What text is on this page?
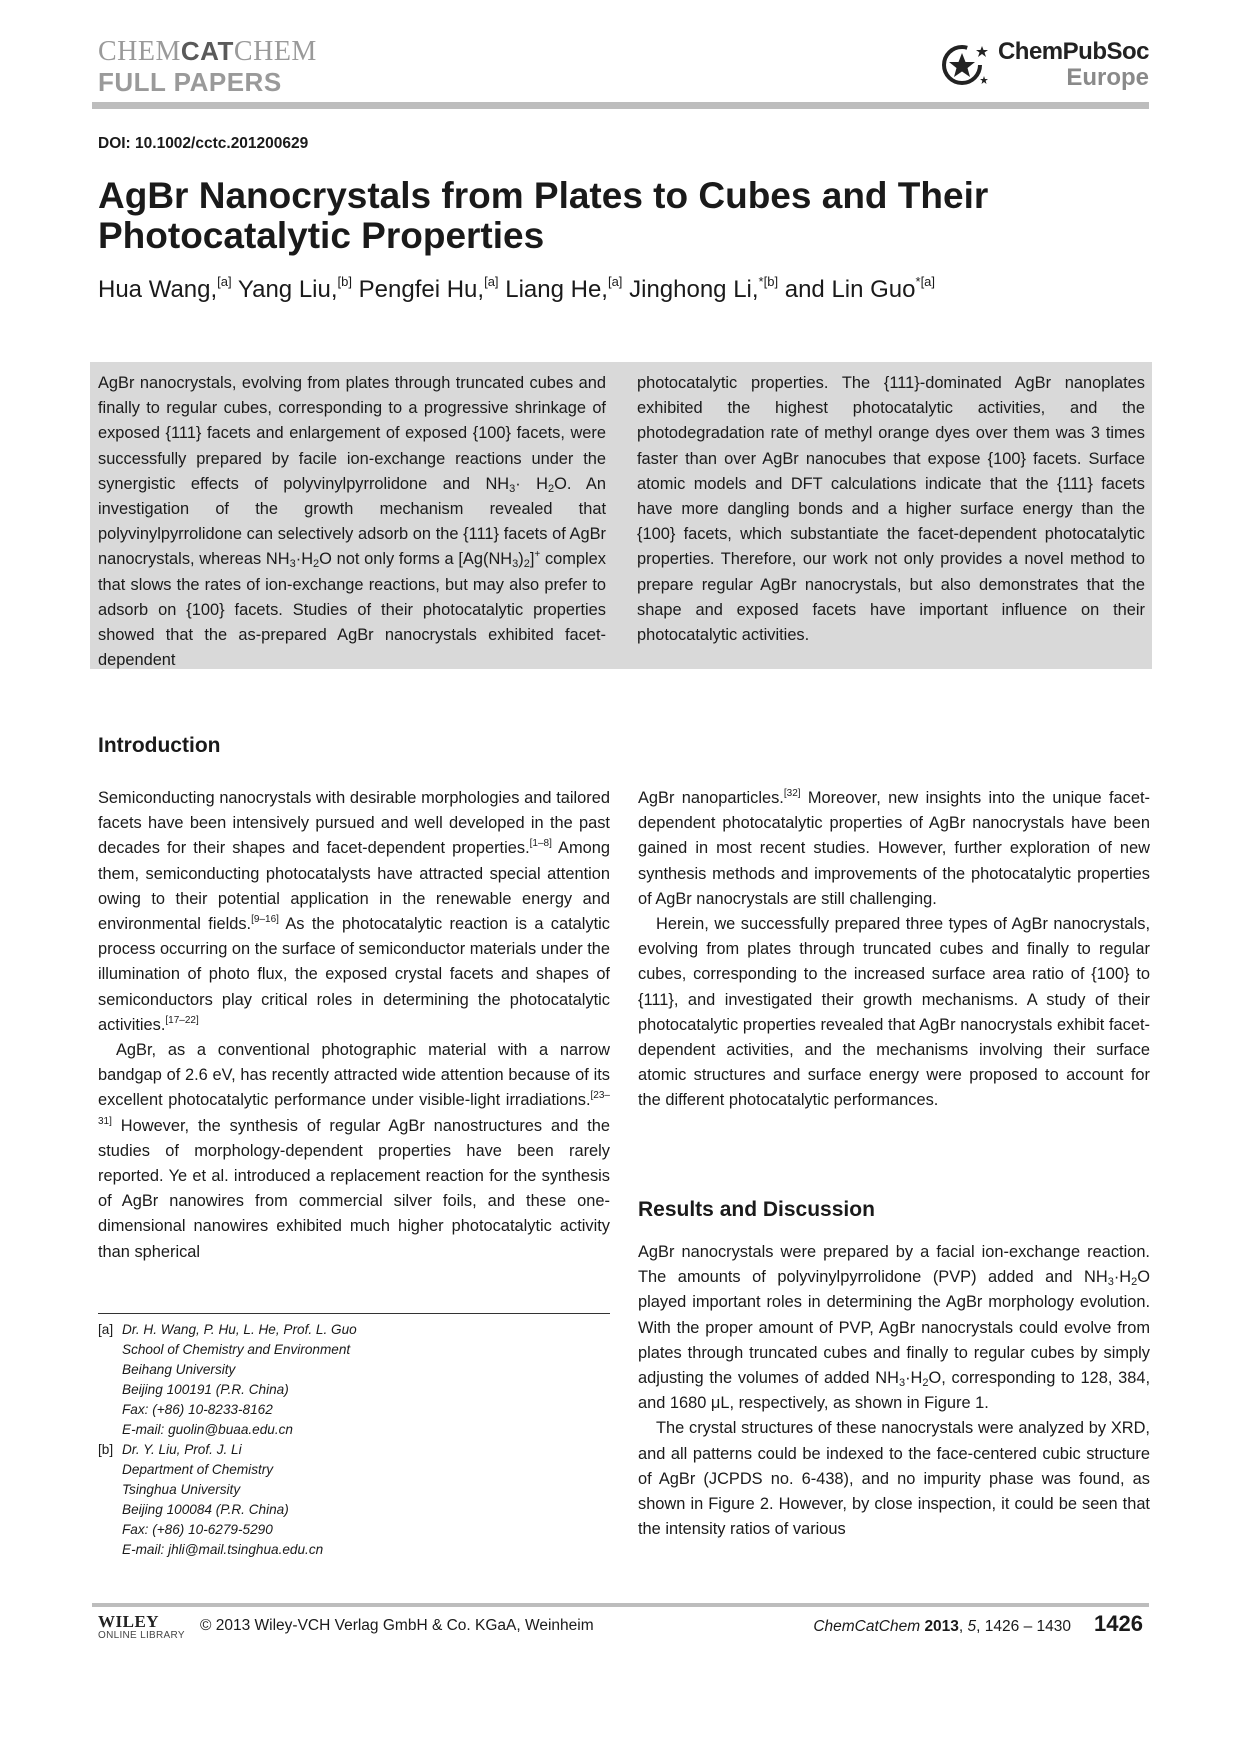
CHEMCATCHEM
FULL PAPERS
ChemPubSoc
Europe
DOI: 10.1002/cctc.201200629
AgBr Nanocrystals from Plates to Cubes and Their Photocatalytic Properties
Hua Wang,[a] Yang Liu,[b] Pengfei Hu,[a] Liang He,[a] Jinghong Li,$^{*[b]}$ and Lin Guo$^{*[a]}$
AgBr nanocrystals, evolving from plates through truncated cubes and finally to regular cubes, corresponding to a progressive shrinkage of exposed {111} facets and enlargement of exposed {100} facets, were successfully prepared by facile ion-exchange reactions under the synergistic effects of polyvinylpyrrolidone and $NH_3\cdot H_2O$. An investigation of the growth mechanism revealed that polyvinylpyrrolidone can selectively adsorb on the {111} facets of AgBr nanocrystals, whereas $NH_3\cdot H_2O$ not only forms a $[Ag(NH_3)_2]^+$ complex that slows the rates of ion-exchange reactions, but may also prefer to adsorb on {100} facets. Studies of their photocatalytic properties showed that the as-prepared AgBr nanocrystals exhibited facet-dependent
photocatalytic properties. The {111}-dominated AgBr nanoplates exhibited the highest photocatalytic activities, and the photodegradation rate of methyl orange dyes over them was 3 times faster than over AgBr nanocubes that expose {100} facets. Surface atomic models and DFT calculations indicate that the {111} facets have more dangling bonds and a higher surface energy than the {100} facets, which substantiate the facet-dependent photocatalytic properties. Therefore, our work not only provides a novel method to prepare regular AgBr nanocrystals, but also demonstrates that the shape and exposed facets have important influence on their photocatalytic activities.
Introduction

Semiconducting nanocrystals with desirable morphologies and tailored facets have been intensively pursued and well developed in the past decades for their shapes and facet-dependent properties.[1–8] Among them, semiconducting photocatalysts have attracted special attention owing to their potential application in the renewable energy and environmental fields.[9–16] As the photocatalytic reaction is a catalytic process occurring on the surface of semiconductor materials under the illumination of photo flux, the exposed crystal facets and shapes of semiconductors play critical roles in determining the photocatalytic activities.[17–22]

AgBr, as a conventional photographic material with a narrow bandgap of 2.6 eV, has recently attracted wide attention because of its excellent photocatalytic performance under visible-light irradiations.[23–31] However, the synthesis of regular AgBr nanostructures and the studies of morphology-dependent properties have been rarely reported. Ye et al. introduced a replacement reaction for the synthesis of AgBr nanowires from commercial silver foils, and these one-dimensional nanowires exhibited much higher photocatalytic activity than spherical

AgBr nanoparticles.[32] Moreover, new insights into the unique facet-dependent photocatalytic properties of AgBr nanocrystals have been gained in most recent studies. However, further exploration of new synthesis methods and improvements of the photocatalytic properties of AgBr nanocrystals are still challenging.

Herein, we successfully prepared three types of AgBr nanocrystals, evolving from plates through truncated cubes and finally to regular cubes, corresponding to the increased surface area ratio of {100} to {111}, and investigated their growth mechanisms. A study of their photocatalytic properties revealed that AgBr nanocrystals exhibit facet-dependent activities, and the mechanisms involving their surface atomic structures and surface energy were proposed to account for the different photocatalytic performances.

Results and Discussion

AgBr nanocrystals were prepared by a facial ion-exchange reaction. The amounts of polyvinylpyrrolidone (PVP) added and $NH_3\cdot H_2O$ played important roles in determining the AgBr morphology evolution. With the proper amount of PVP, AgBr nanocrystals could evolve from plates through truncated cubes and finally to regular cubes by simply adjusting the volumes of added $NH_3\cdot H_2O$, corresponding to 128, 384, and 1680 μL, respectively, as shown in Figure 1.

The crystal structures of these nanocrystals were analyzed by XRD, and all patterns could be indexed to the face-centered cubic structure of AgBr (JCPDS no. 6-438), and no impurity phase was found, as shown in Figure 2. However, by close inspection, it could be seen that the intensity ratios of various

[a] Dr. H. Wang, P. Hu, L. He, Prof. L. Guo
School of Chemistry and Environment
Beihang University
Beijing 100191 (P.R. China)
Fax: (+86) 10-8233-8162
E-mail: guolin@buaa.edu.cn
[b] Dr. Y. Liu, Prof. J. Li
Department of Chemistry
Tsinghua University
Beijing 100084 (P.R. China)
Fax: (+86) 10-6279-5290
E-mail: jhli@mail.tsinghua.edu.cn
WILEY
ONLINE LIBRARY
© 2013 Wiley-VCH Verlag GmbH & Co. KGaA, Weinheim	ChemCatChem 2013, 5, 1426 – 1430 1426
